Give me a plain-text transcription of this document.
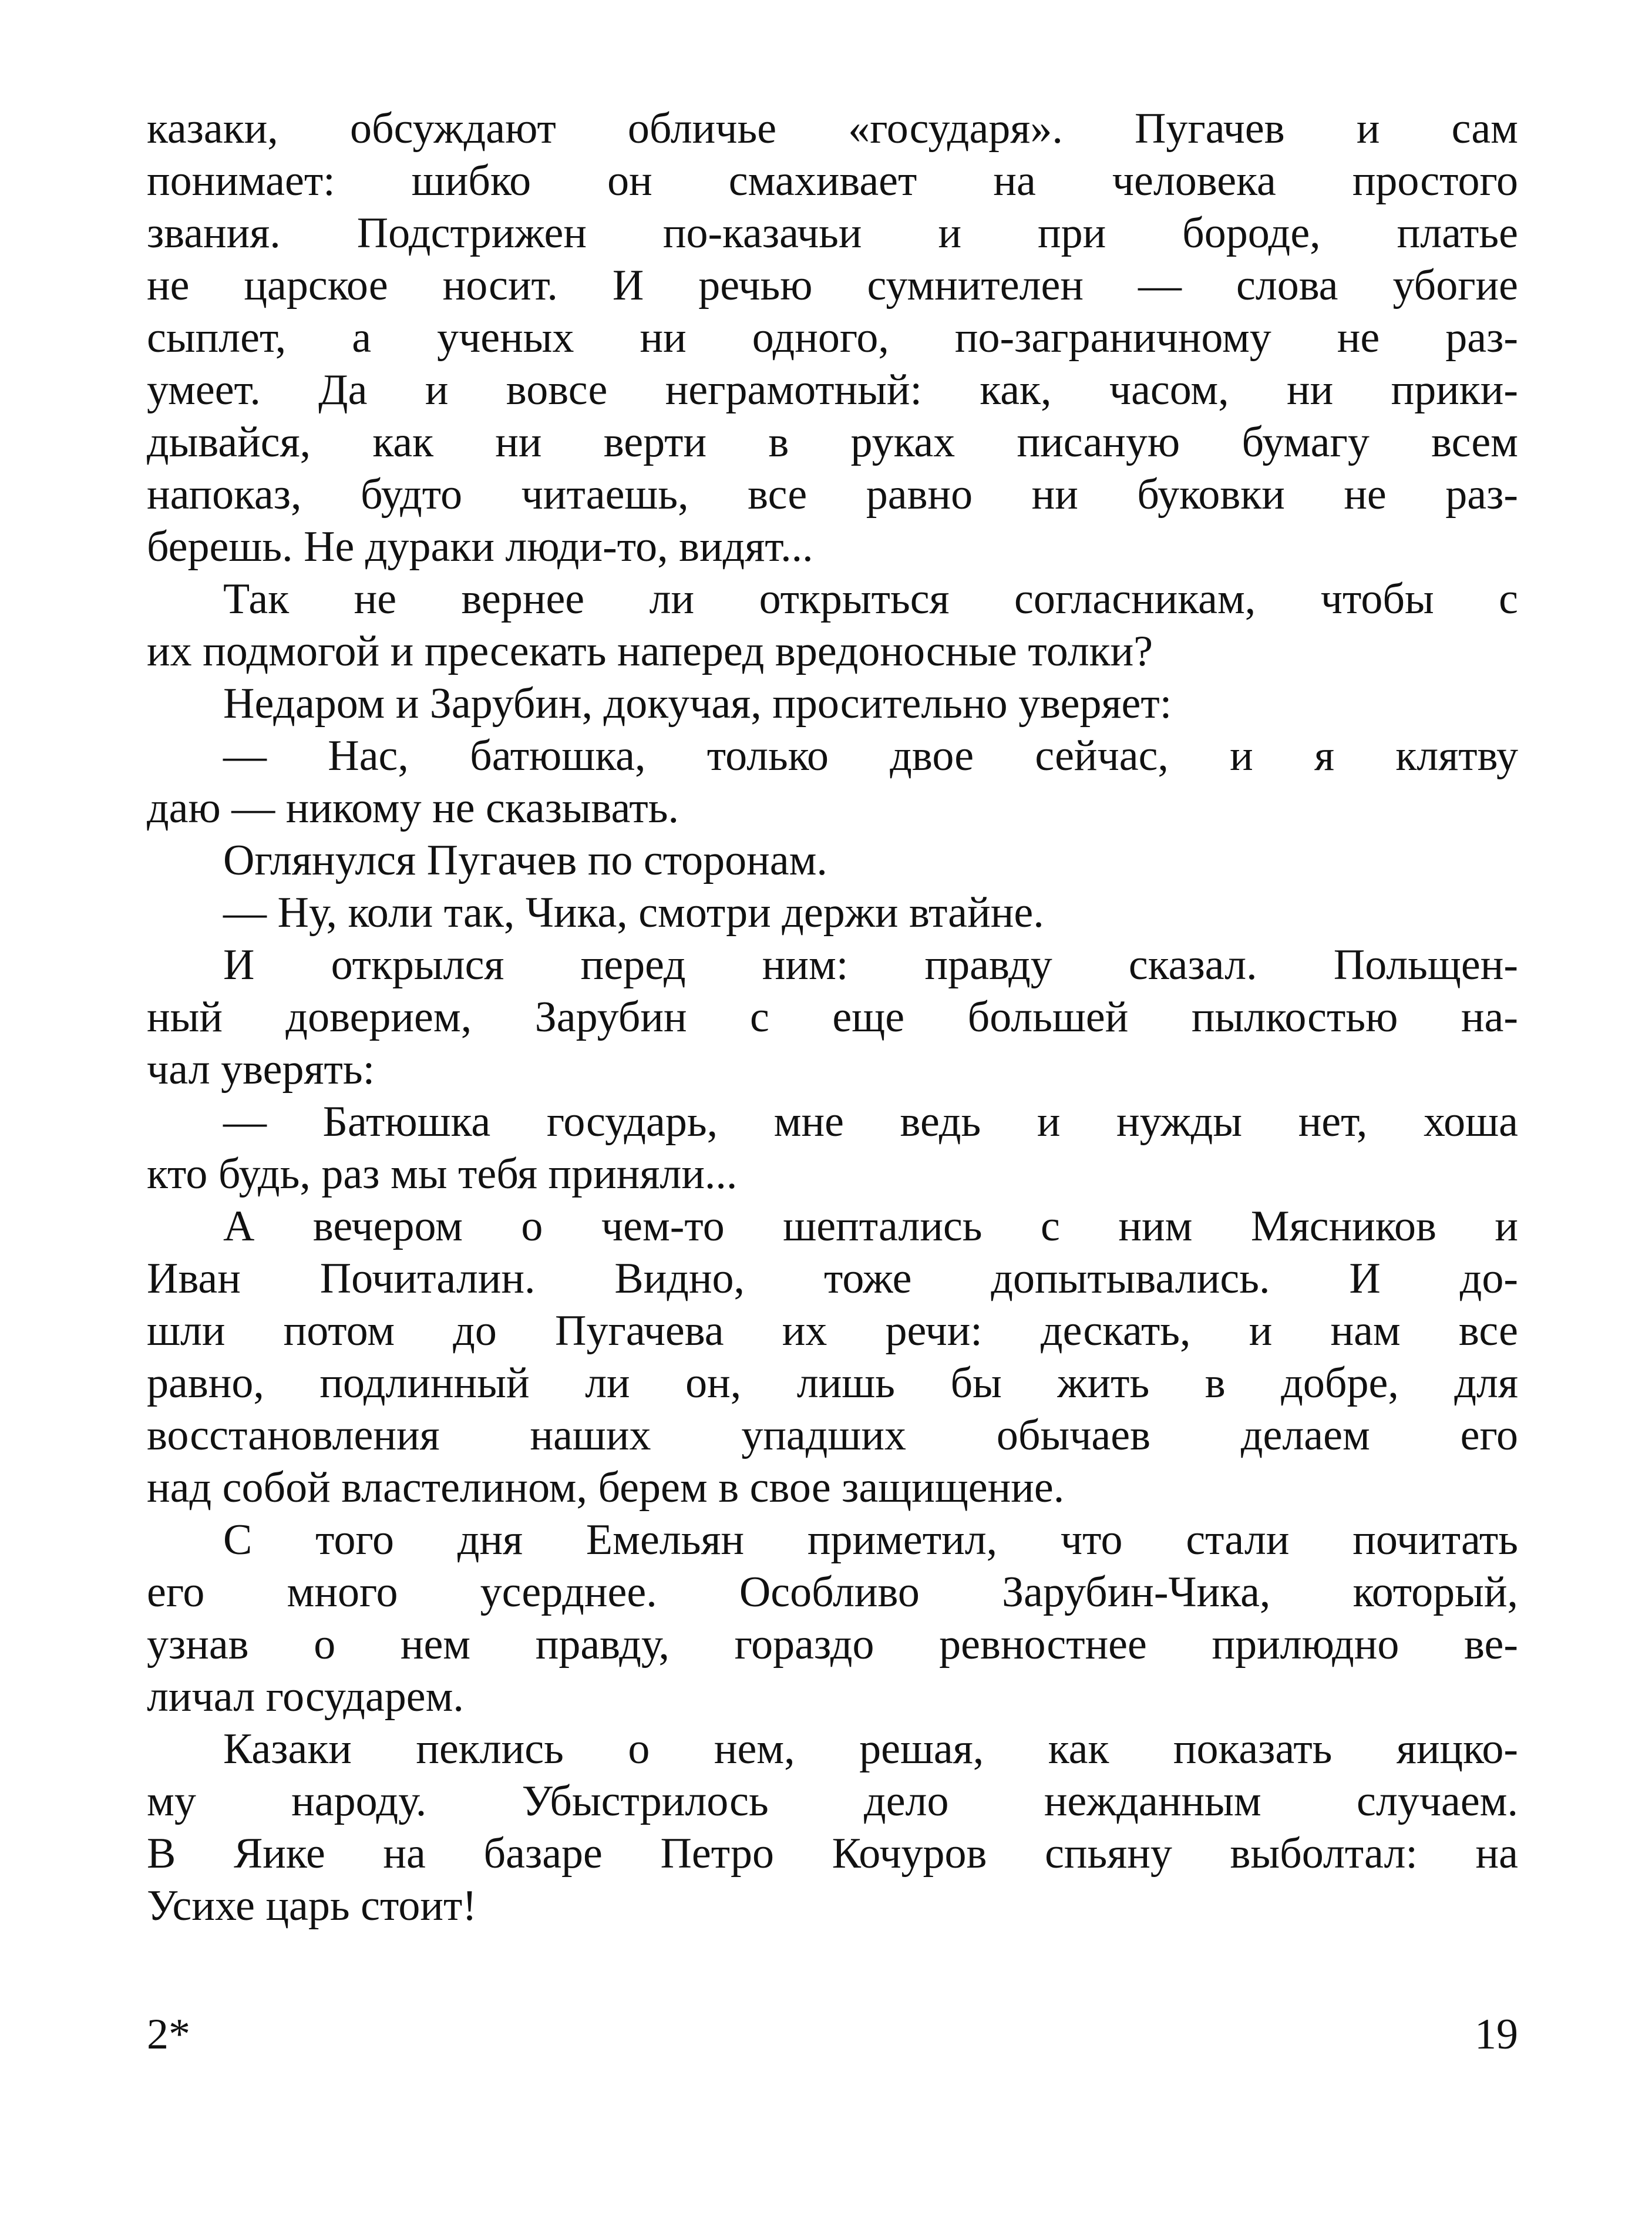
казаки, обсуждают обличье «государя». Пугачев и сам
понимает: шибко он смахивает на человека простого
звания. Подстрижен по-казачьи и при бороде, платье
не царское носит. И речью сумнителен — слова убогие
сыплет, а ученых ни одного, по-заграничному не раз-
умеет. Да и вовсе неграмотный: как, часом, ни прики-
дывайся, как ни верти в руках писаную бумагу всем
напоказ, будто читаешь, все равно ни буковки не раз-
берешь. Не дураки люди-то, видят...
Так не вернее ли открыться согласникам, чтобы с
их подмогой и пресекать наперед вредоносные толки?
Недаром и Зарубин, докучая, просительно уверяет:
— Нас, батюшка, только двое сейчас, и я клятву
даю — никому не сказывать.
Оглянулся Пугачев по сторонам.
— Ну, коли так, Чика, смотри держи втайне.
И открылся перед ним: правду сказал. Польщен-
ный доверием, Зарубин с еще большей пылкостью на-
чал уверять:
— Батюшка государь, мне ведь и нужды нет, хоша
кто будь, раз мы тебя приняли...
А вечером о чем-то шептались с ним Мясников и
Иван Почиталин. Видно, тоже допытывались. И до-
шли потом до Пугачева их речи: дескать, и нам все
равно, подлинный ли он, лишь бы жить в добре, для
восстановления наших упадших обычаев делаем его
над собой властелином, берем в свое защищение.
С того дня Емельян приметил, что стали почитать
его много усерднее. Особливо Зарубин-Чика, который,
узнав о нем правду, гораздо ревностнее прилюдно ве-
личал государем.
Казаки пеклись о нем, решая, как показать яицко-
му народу. Убыстрилось дело нежданным случаем.
В Яике на базаре Петро Кочуров спьяну выболтал: на
Усихе царь стоит!
2*	19
